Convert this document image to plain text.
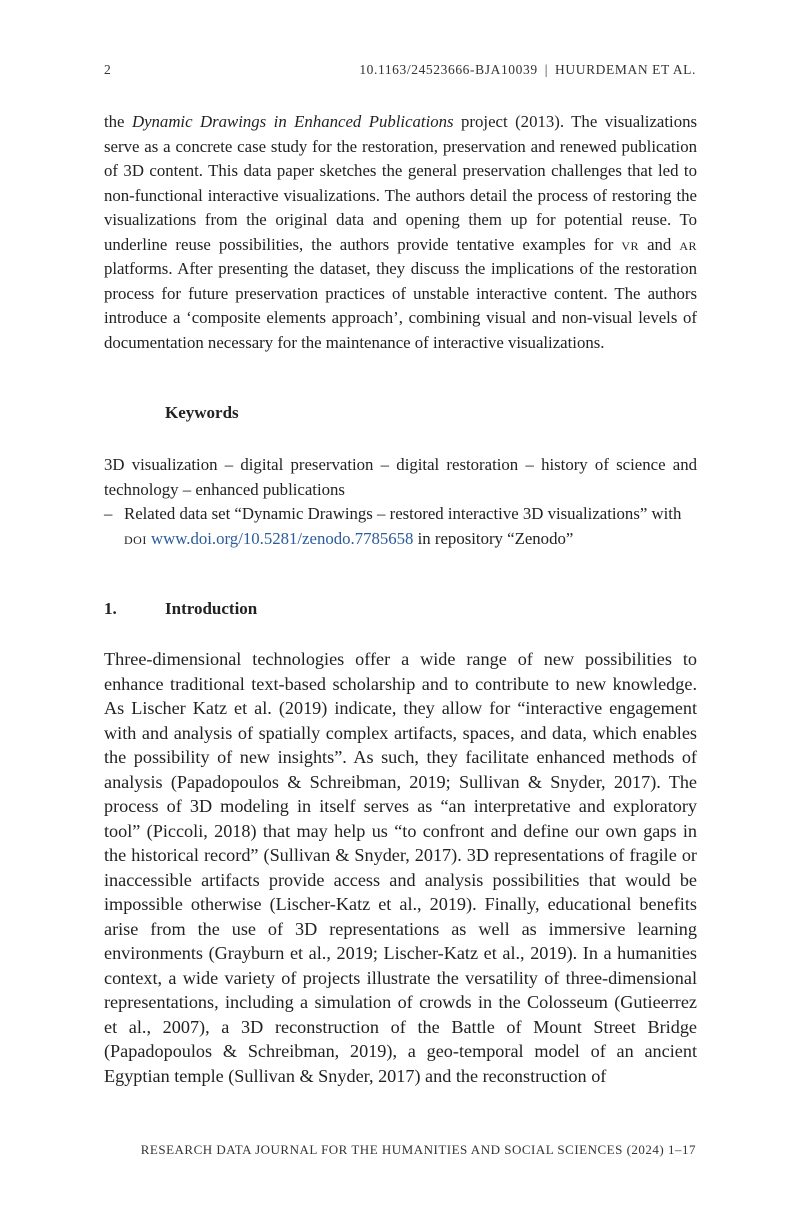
2	10.1163/24523666-BJA10039 | HUURDEMAN ET AL.

the Dynamic Drawings in Enhanced Publications project (2013). The visualizations serve as a concrete case study for the restoration, preservation and renewed publication of 3D content. This data paper sketches the general preservation challenges that led to non-functional interactive visualizations. The authors detail the process of restoring the visualizations from the original data and opening them up for potential reuse. To underline reuse possibilities, the authors provide tentative examples for vr and ar platforms. After presenting the dataset, they discuss the implications of the restoration process for future preservation practices of unstable interactive content. The authors introduce a ‘composite elements approach’, combining visual and non-visual levels of documentation necessary for the maintenance of interactive visualizations.

Keywords

3D visualization – digital preservation – digital restoration – history of science and technology – enhanced publications

– Related data set “Dynamic Drawings – restored interactive 3D visualizations” with doi www.doi.org/10.5281/zenodo.7785658 in repository “Zenodo”

1.	Introduction

Three-dimensional technologies offer a wide range of new possibilities to enhance traditional text-based scholarship and to contribute to new knowledge. As Lischer Katz et al. (2019) indicate, they allow for “interactive engagement with and analysis of spatially complex artifacts, spaces, and data, which enables the possibility of new insights”. As such, they facilitate enhanced methods of analysis (Papadopoulos & Schreibman, 2019; Sullivan & Snyder, 2017). The process of 3D modeling in itself serves as “an interpretative and exploratory tool” (Piccoli, 2018) that may help us “to confront and define our own gaps in the historical record” (Sullivan & Snyder, 2017). 3D representations of fragile or inaccessible artifacts provide access and analysis possibilities that would be impossible otherwise (Lischer-Katz et al., 2019). Finally, educational benefits arise from the use of 3D representations as well as immersive learning environments (Grayburn et al., 2019; Lischer-Katz et al., 2019). In a humanities context, a wide variety of projects illustrate the versatility of three-dimensional representations, including a simulation of crowds in the Colosseum (Gutieerrez et al., 2007), a 3D reconstruction of the Battle of Mount Street Bridge (Papadopoulos & Schreibman, 2019), a geo-temporal model of an ancient Egyptian temple (Sullivan & Snyder, 2017) and the reconstruction of

RESEARCH DATA JOURNAL FOR THE HUMANITIES AND SOCIAL SCIENCES (2024) 1–17
